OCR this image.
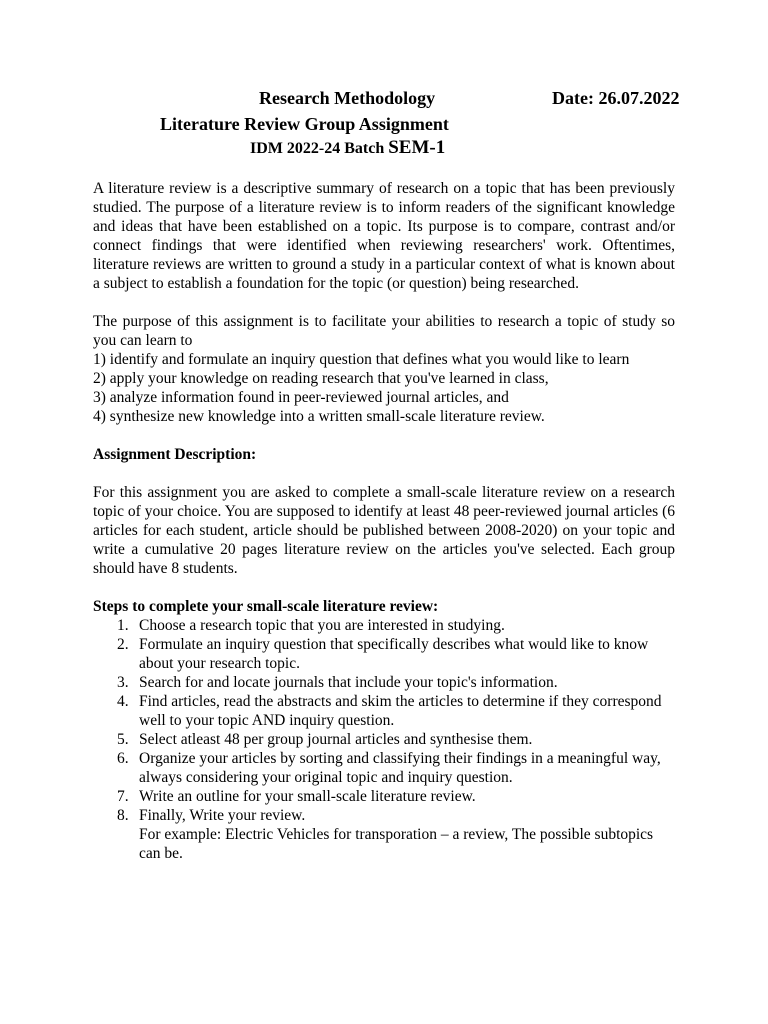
Research Methodology	Date: 26.07.2022
Literature Review Group Assignment
IDM 2022-24 Batch SEM-1

A literature review is a descriptive summary of research on a topic that has been previously studied. The purpose of a literature review is to inform readers of the significant knowledge and ideas that have been established on a topic. Its purpose is to compare, contrast and/or connect findings that were identified when reviewing researchers' work. Oftentimes, literature reviews are written to ground a study in a particular context of what is known about a subject to establish a foundation for the topic (or question) being researched.

The purpose of this assignment is to facilitate your abilities to research a topic of study so you can learn to

1) identify and formulate an inquiry question that defines what you would like to learn

2) apply your knowledge on reading research that you've learned in class,

3) analyze information found in peer-reviewed journal articles, and

4) synthesize new knowledge into a written small-scale literature review.

Assignment Description:

For this assignment you are asked to complete a small-scale literature review on a research topic of your choice. You are supposed to identify at least 48 peer-reviewed journal articles (6 articles for each student, article should be published between 2008-2020) on your topic and write a cumulative 20 pages literature review on the articles you've selected. Each group should have 8 students.

Steps to complete your small-scale literature review:

1. Choose a research topic that you are interested in studying.
2. Formulate an inquiry question that specifically describes what would like to know about your research topic.
3. Search for and locate journals that include your topic's information.
4. Find articles, read the abstracts and skim the articles to determine if they correspond well to your topic AND inquiry question.
5. Select atleast 48 per group journal articles and synthesise them.
6. Organize your articles by sorting and classifying their findings in a meaningful way, always considering your original topic and inquiry question.
7. Write an outline for your small-scale literature review.
8. Finally, Write your review.
For example: Electric Vehicles for transporation – a review, The possible subtopics can be.
